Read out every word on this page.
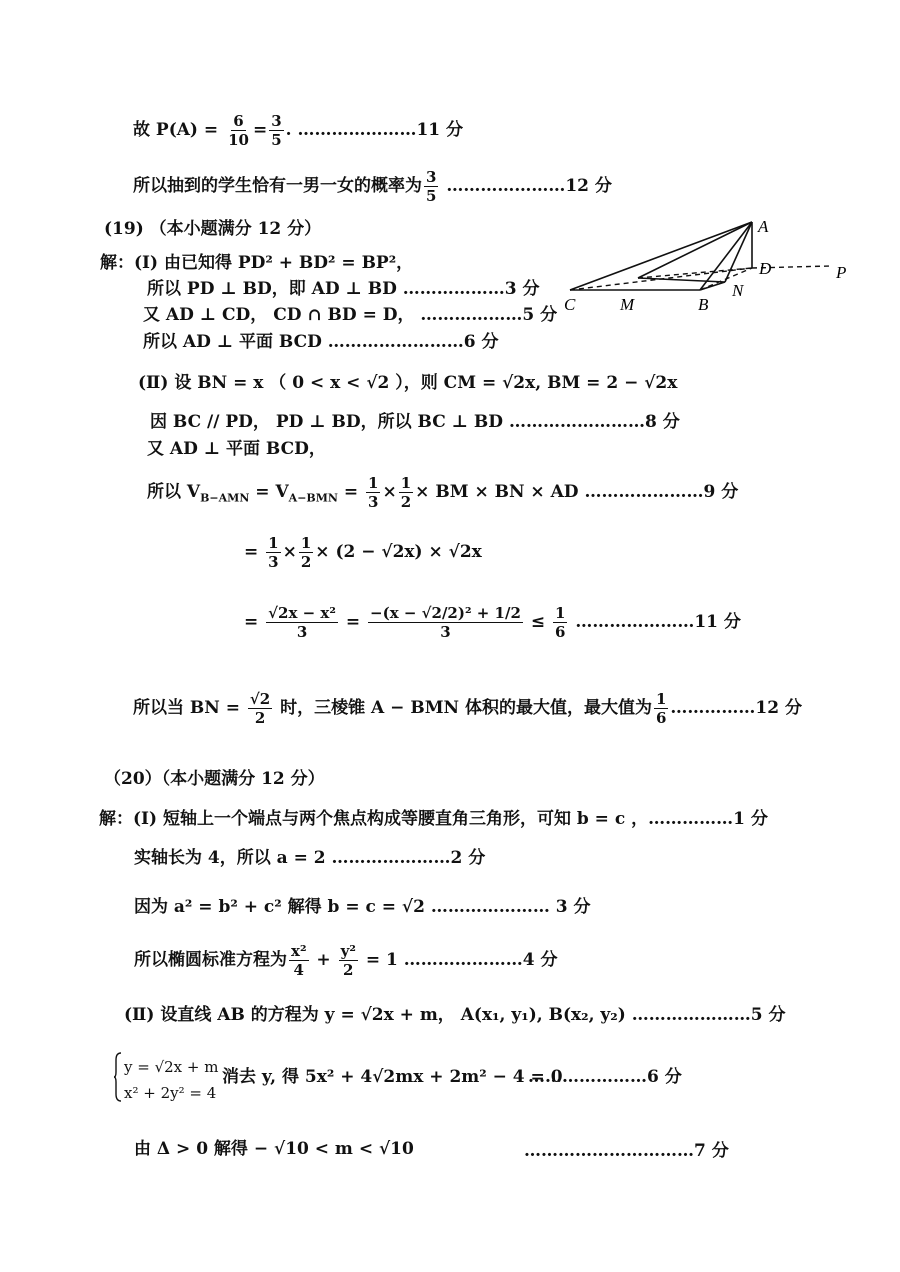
故 $P(A) = \frac{6}{10} = \frac{3}{5}$ . …………………11 分
所以抽到的学生恰有一男一女的概率为 $\frac{3}{5}$ …………………12 分
(19) （本小题满分 12 分）
解：(Ⅰ) 由已知得 PD² + BD² = BP²，
所以 PD ⊥ BD，即 AD ⊥ BD ………………3 分
又 AD ⊥ CD， CD ∩ BD = D， ………………5 分
所以 AD ⊥ 平面 BCD ……………………6 分
A
D	P
C	M	B
N
(Ⅱ) 设 BN = x （ 0 < x < √2 ），则 CM = √2x, BM = 2 − √2x
因 BC // PD， PD ⊥ BD，所以 BC ⊥ BD ……………………8 分
又 AD ⊥ 平面 BCD，
所以 $V_{B-AMN} = V_{A-BMN} = \frac{1}{3} \times \frac{1}{2}$ × BM × BN × AD …………………9 分
= $\frac{1}{3} \times \frac{1}{2} \times (2 - √2x) \times √2x$
= $\frac{\text{√2x − x²}}{3} = \frac{\text{−(x − √2/2)² + 1/2}}{3} \le \frac{1}{6}$ …………………11 分
所以当 BN = $\frac{√2}{2}$ 时，三棱锥 A − BMN 体积的最大值，最大值为 $\frac{1}{6}$ ……………12 分
（20）（本小题满分 12 分）
解：(Ⅰ) 短轴上一个端点与两个焦点构成等腰直角三角形，可知 b = c ，……………1 分
实轴长为 4，所以 a = 2 …………………2 分
因为 a² = b² + c² 解得 b = c = √2 ………………… 3 分
所以椭圆标准方程为 $\frac{\text{x²}}{4} + \frac{\text{y²}}{2} = 1$ …………………4 分
(Ⅱ) 设直线 AB 的方程为 y = √2x + m， A(x₁, y₁), B(x₂, y₂) …………………5 分
y = √2x + m
x² + 2y² = 4
消去 y, 得 5x² + 4√2mx + 2m² − 4 = 0
…………………6 分
由 Δ > 0 解得 − √10 < m < √10	…………………………7 分
